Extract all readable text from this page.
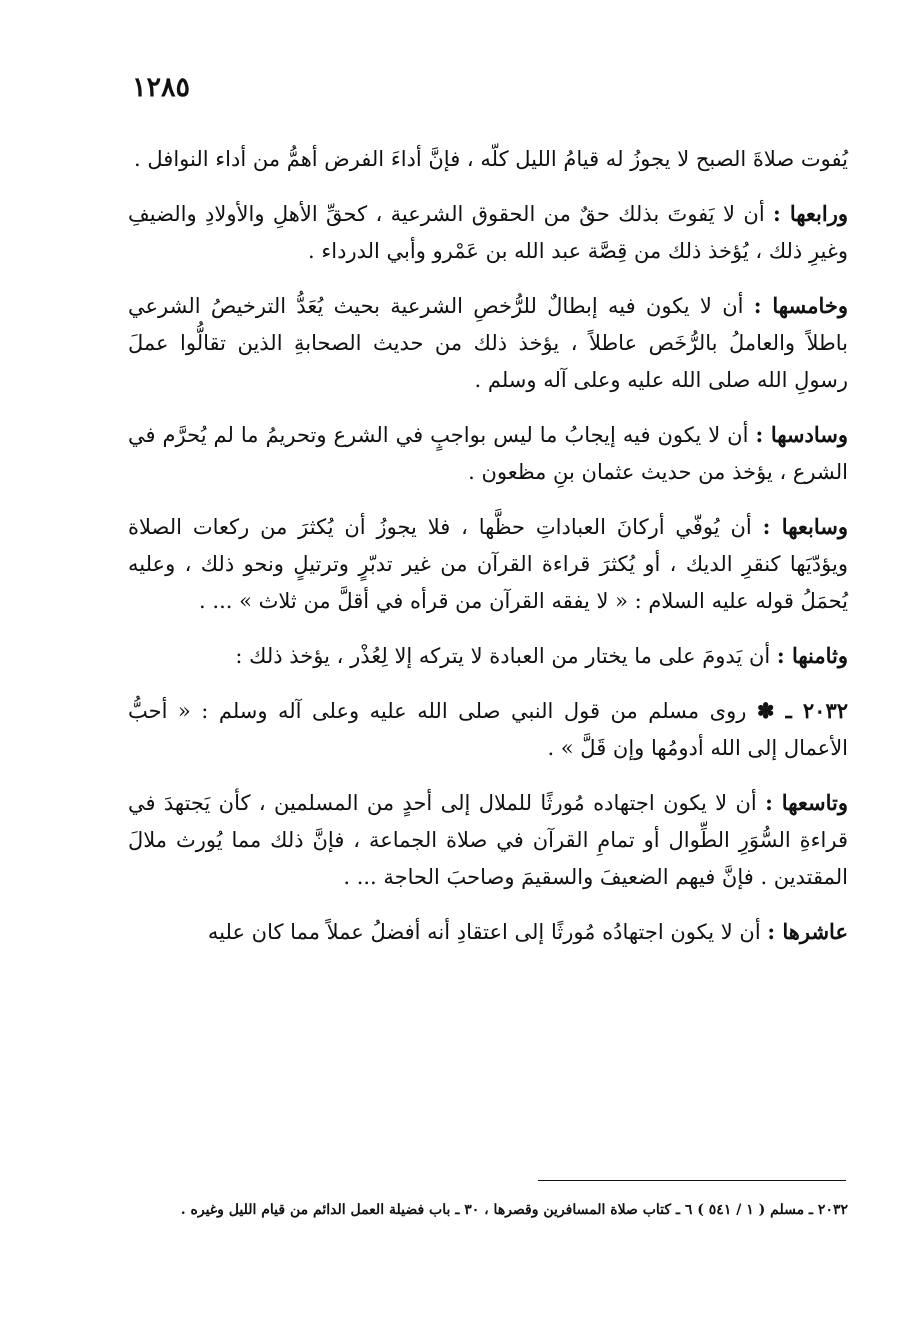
١٢٨٥

يُفوت صلاةَ الصبح لا يجوزُ له قيامُ الليل كلّه ، فإنَّ أداءَ الفرض أهمُّ من أداء النوافل .

ورابعها : أن لا يَفوتَ بذلك حقٌ من الحقوق الشرعية ، كحقِّ الأهلِ والأولادِ والضيفِ وغيرِ ذلك ، يُؤخذ ذلك من قِصَّة عبد الله بن عَمْرو وأبي الدرداء .

وخامسها : أن لا يكون فيه إبطالٌ للرُّخصِ الشرعية بحيث يُعَدُّ الترخيصُ الشرعي باطلاً والعاملُ بالرُّخَص عاطلاً ، يؤخذ ذلك من حديث الصحابةِ الذين تقالُّوا عملَ رسولِ الله صلى الله عليه وعلى آله وسلم .

وسادسها : أن لا يكون فيه إيجابُ ما ليس بواجبٍ في الشرع وتحريمُ ما لم يُحرَّم في الشرع ، يؤخذ من حديث عثمان بنِ مظعون .

وسابعها : أن يُوفّي أركانَ العباداتِ حظَّها ، فلا يجوزُ أن يُكثرَ من ركعات الصلاة ويؤدّيَها كنقرِ الديك ، أو يُكثرَ قراءة القرآن من غير تدبّرٍ وترتيلٍ ونحو ذلك ، وعليه يُحمَلُ قوله عليه السلام : « لا يفقه القرآن من قرأه في أقلَّ من ثلاث » ... .

وثامنها : أن يَدومَ على ما يختار من العبادة لا يتركه إلا لِعُذْر ، يؤخذ ذلك :

٢٠٣٢ ـ ✽ روى مسلم من قول النبي صلى الله عليه وعلى آله وسلم : « أحبُّ الأعمال إلى الله أدومُها وإن قَلَّ » .

وتاسعها : أن لا يكون اجتهاده مُورثًا للملال إلى أحدٍ من المسلمين ، كأن يَجتهدَ في قراءةِ السُّوَرِ الطِّوال أو تمامِ القرآن في صلاة الجماعة ، فإنَّ ذلك مما يُورث ملالَ المقتدين . فإنَّ فيهم الضعيفَ والسقيمَ وصاحبَ الحاجة ... .

عاشرها : أن لا يكون اجتهادُه مُورثًا إلى اعتقادِ أنه أفضلُ عملاً مما كان عليه

٢٠٣٢ ـ مسلم ( ١ / ٥٤١ ) ٦ ـ كتاب صلاة المسافرين وقصرها ، ٣٠ ـ باب فضيلة العمل الدائم من قيام الليل وغيره .
